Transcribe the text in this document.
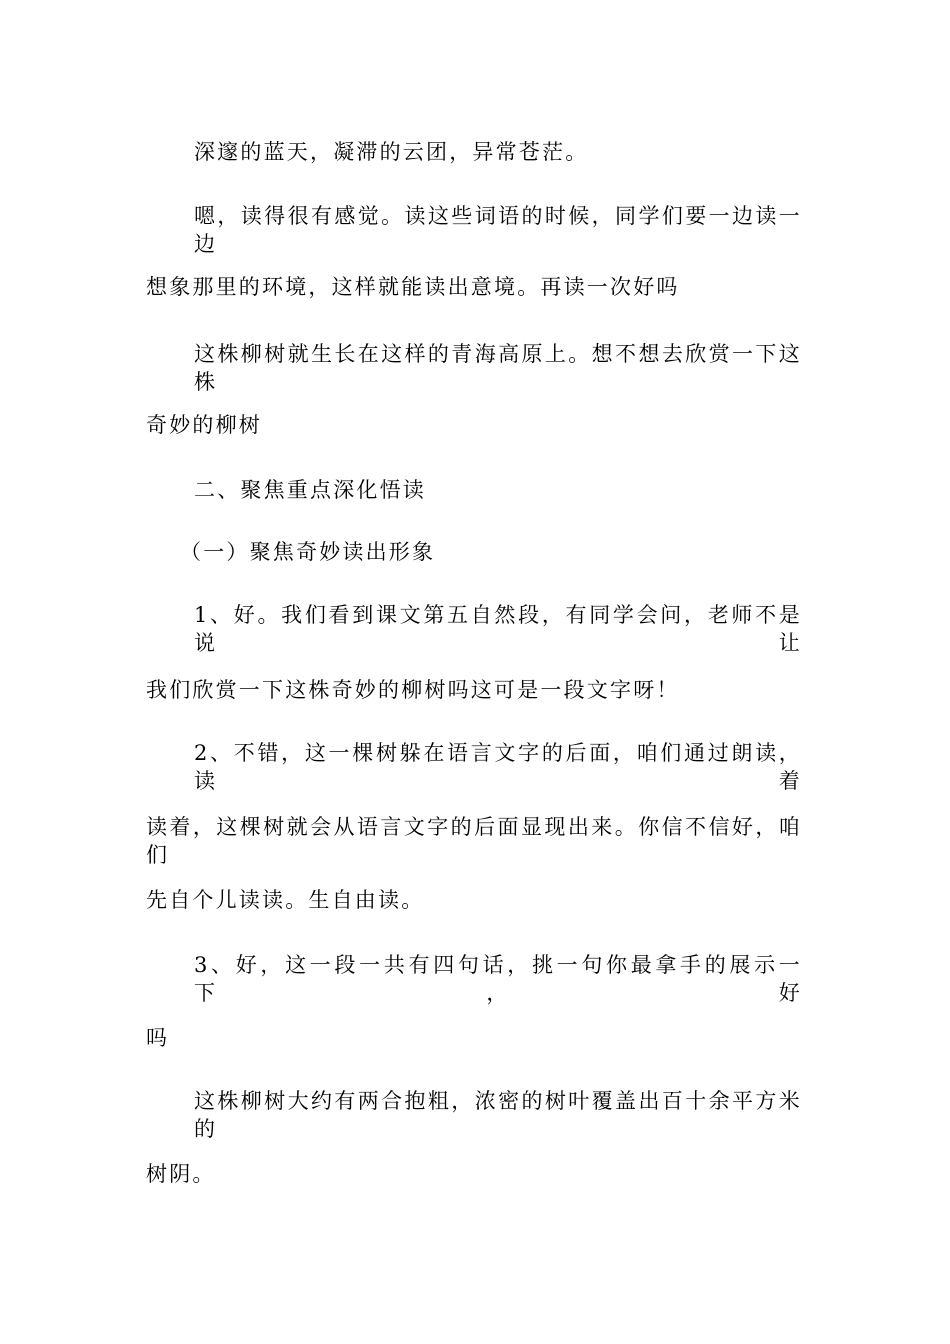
深邃的蓝天，凝滞的云团，异常苍茫。
嗯，读得很有感觉。读这些词语的时候，同学们要一边读一边
想象那里的环境，这样就能读出意境。再读一次好吗
这株柳树就生长在这样的青海高原上。想不想去欣赏一下这株
奇妙的柳树
二、聚焦重点深化悟读
（一）聚焦奇妙读出形象
1、好。我们看到课文第五自然段，有同学会问，老师不是说让
我们欣赏一下这株奇妙的柳树吗这可是一段文字呀！
2、不错，这一棵树躲在语言文字的后面，咱们通过朗读，读着
读着，这棵树就会从语言文字的后面显现出来。你信不信好，咱们
先自个儿读读。生自由读。
3、好，这一段一共有四句话，挑一句你最拿手的展示一下，好
吗
这株柳树大约有两合抱粗，浓密的树叶覆盖出百十余平方米的
树阴。
